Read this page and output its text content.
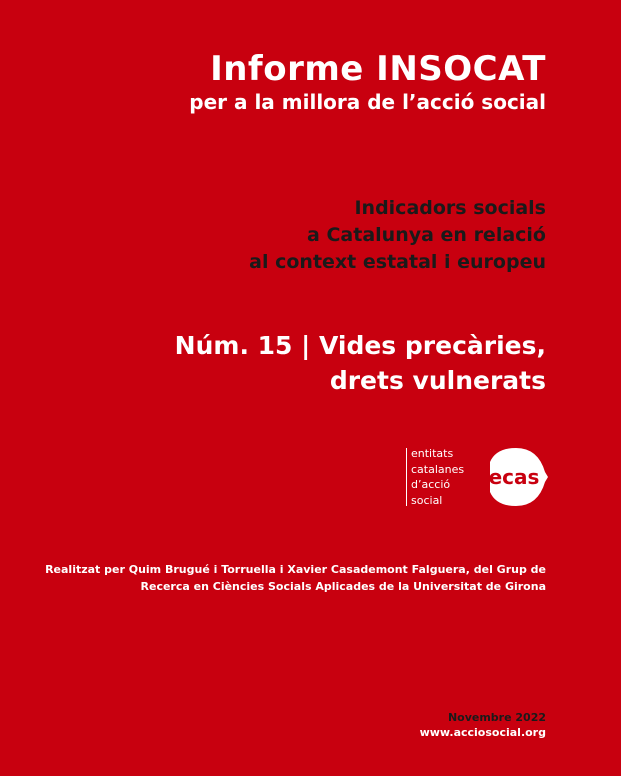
Informe INSOCAT
per a la millora de l’acció social
Indicadors socials
a Catalunya en relació
al context estatal i europeu
Núm. 15 | Vides precàries,
drets vulnerats
entitats
catalanes
d’acció
social
ecas
Realitzat per Quim Brugué i Torruella i Xavier Casademont Falguera, del Grup de
Recerca en Ciències Socials Aplicades de la Universitat de Girona
Novembre 2022
www.acciosocial.org
